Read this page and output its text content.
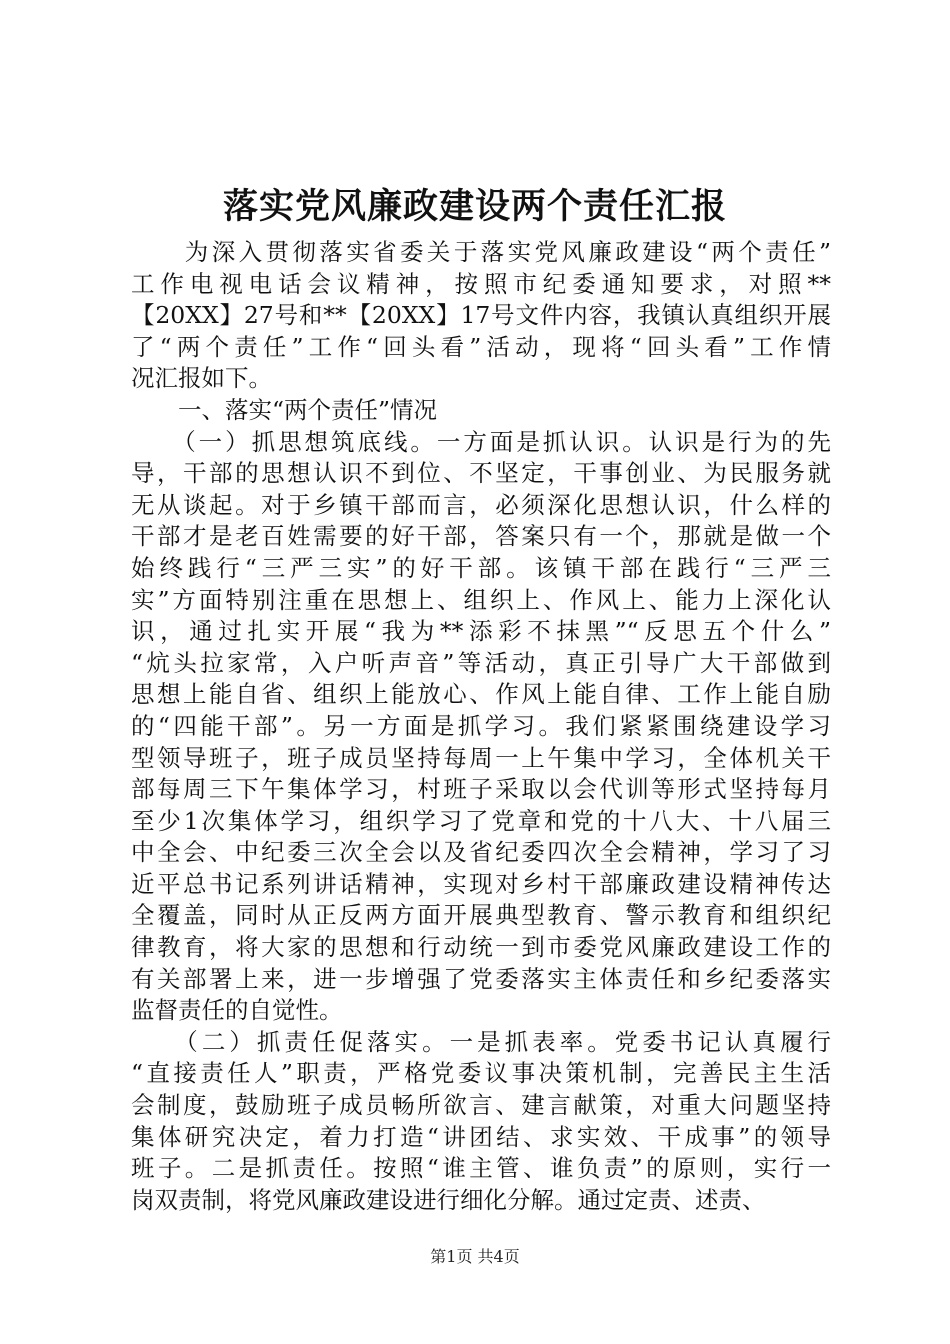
落实党风廉政建设两个责任汇报
　　为深入贯彻落实省委关于落实党风廉政建设“两个责任”
工作电视电话会议精神，按照市纪委通知要求，对照**
【20XX】27号和**【20XX】17号文件内容，我镇认真组织开展
了“两个责任”工作“回头看”活动，现将“回头看”工作情
况汇报如下。
　　一、落实“两个责任”情况
　　（一）抓思想筑底线。一方面是抓认识。认识是行为的先
导，干部的思想认识不到位、不坚定，干事创业、为民服务就
无从谈起。对于乡镇干部而言，必须深化思想认识，什么样的
干部才是老百姓需要的好干部，答案只有一个，那就是做一个
始终践行“三严三实”的好干部。该镇干部在践行“三严三
实”方面特别注重在思想上、组织上、作风上、能力上深化认
识，通过扎实开展“我为**添彩不抹黑”“反思五个什么”
“炕头拉家常，入户听声音”等活动，真正引导广大干部做到
思想上能自省、组织上能放心、作风上能自律、工作上能自励
的“四能干部”。另一方面是抓学习。我们紧紧围绕建设学习
型领导班子，班子成员坚持每周一上午集中学习，全体机关干
部每周三下午集体学习，村班子采取以会代训等形式坚持每月
至少1次集体学习，组织学习了党章和党的十八大、十八届三
中全会、中纪委三次全会以及省纪委四次全会精神，学习了习
近平总书记系列讲话精神，实现对乡村干部廉政建设精神传达
全覆盖，同时从正反两方面开展典型教育、警示教育和组织纪
律教育，将大家的思想和行动统一到市委党风廉政建设工作的
有关部署上来，进一步增强了党委落实主体责任和乡纪委落实
监督责任的自觉性。
　　（二）抓责任促落实。一是抓表率。党委书记认真履行
“直接责任人”职责，严格党委议事决策机制，完善民主生活
会制度，鼓励班子成员畅所欲言、建言献策，对重大问题坚持
集体研究决定，着力打造“讲团结、求实效、干成事”的领导
班子。二是抓责任。按照“谁主管、谁负责”的原则，实行一
岗双责制，将党风廉政建设进行细化分解。通过定责、述责、
第1页 共4页
